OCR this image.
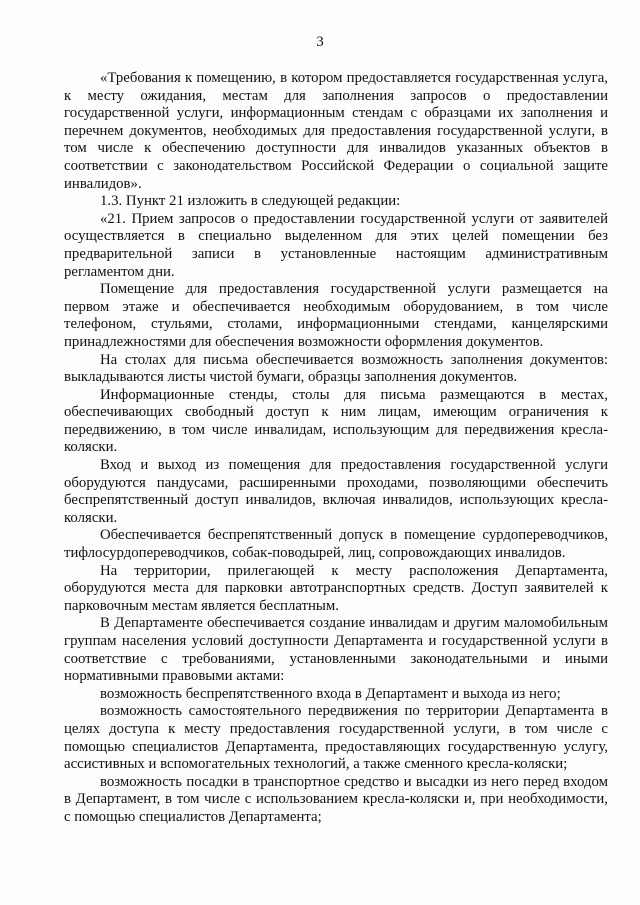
3

«Требования к помещению, в котором предоставляется государственная услуга, к месту ожидания, местам для заполнения запросов о предоставлении государственной услуги, информационным стендам с образцами их заполнения и перечнем документов, необходимых для предоставления государственной услуги, в том числе к обеспечению доступности для инвалидов указанных объектов в соответствии с законодательством Российской Федерации о социальной защите инвалидов».

1.3. Пункт 21 изложить в следующей редакции:

«21. Прием запросов о предоставлении государственной услуги от заявителей осуществляется в специально выделенном для этих целей помещении без предварительной записи в установленные настоящим административным регламентом дни.

Помещение для предоставления государственной услуги размещается на первом этаже и обеспечивается необходимым оборудованием, в том числе телефоном, стульями, столами, информационными стендами, канцелярскими принадлежностями для обеспечения возможности оформления документов.

На столах для письма обеспечивается возможность заполнения документов: выкладываются листы чистой бумаги, образцы заполнения документов.

Информационные стенды, столы для письма размещаются в местах, обеспечивающих свободный доступ к ним лицам, имеющим ограничения к передвижению, в том числе инвалидам, использующим для передвижения кресла-коляски.

Вход и выход из помещения для предоставления государственной услуги оборудуются пандусами, расширенными проходами, позволяющими обеспечить беспрепятственный доступ инвалидов, включая инвалидов, использующих кресла-коляски.

Обеспечивается беспрепятственный допуск в помещение сурдопереводчиков, тифлосурдопереводчиков, собак-поводырей, лиц, сопровождающих инвалидов.

На территории, прилегающей к месту расположения Департамента, оборудуются места для парковки автотранспортных средств. Доступ заявителей к парковочным местам является бесплатным.

В Департаменте обеспечивается создание инвалидам и другим маломобильным группам населения условий доступности Департамента и государственной услуги в соответствие с требованиями, установленными законодательными и иными нормативными правовыми актами:

возможность беспрепятственного входа в Департамент и выхода из него;

возможность самостоятельного передвижения по территории Департамента в целях доступа к месту предоставления государственной услуги, в том числе с помощью специалистов Департамента, предоставляющих государственную услугу, ассистивных и вспомогательных технологий, а также сменного кресла-коляски;

возможность посадки в транспортное средство и высадки из него перед входом в Департамент, в том числе с использованием кресла-коляски и, при необходимости, с помощью специалистов Департамента;
